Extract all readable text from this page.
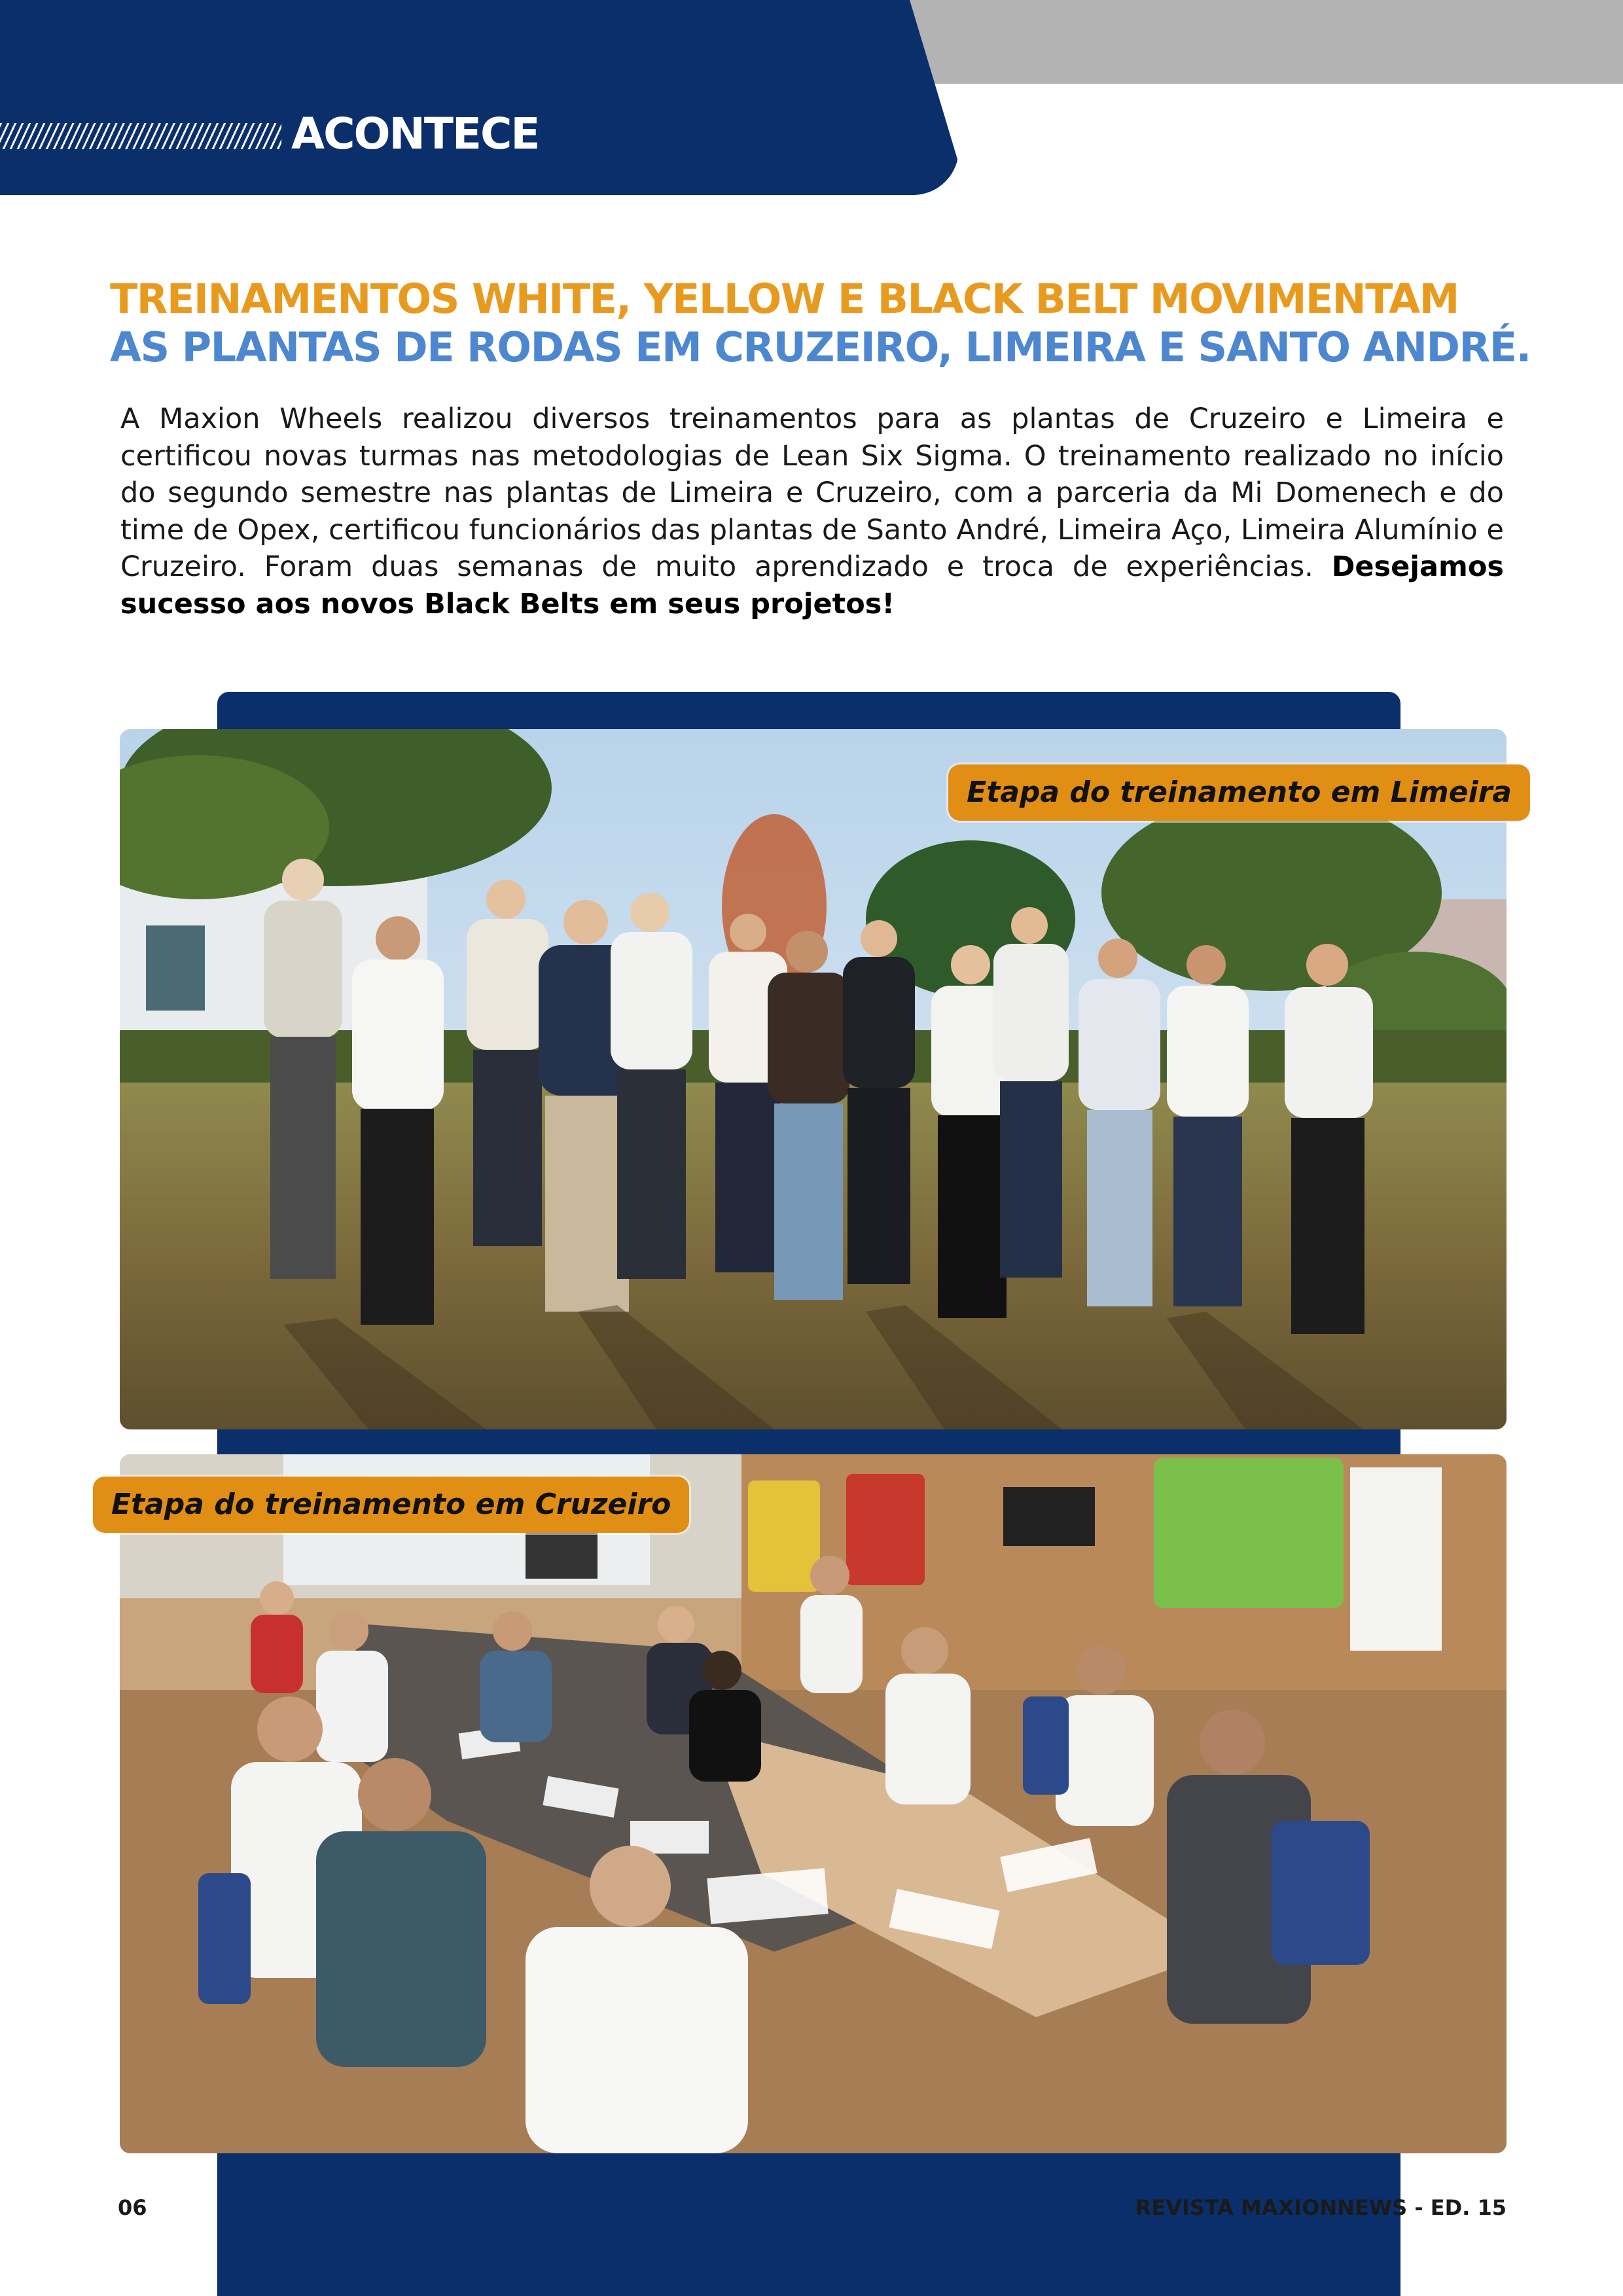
ACONTECE
TREINAMENTOS WHITE, YELLOW E BLACK BELT MOVIMENTAM
AS PLANTAS DE RODAS EM CRUZEIRO, LIMEIRA E SANTO ANDRÉ.

A Maxion Wheels realizou diversos treinamentos para as plantas de Cruzeiro e Limeira e certificou novas turmas nas metodologias de Lean Six Sigma. O treinamento realizado no início do segundo semestre nas plantas de Limeira e Cruzeiro, com a parceria da Mi Domenech e do time de Opex, certificou funcionários das plantas de Santo André, Limeira Aço, Limeira Alumínio e Cruzeiro. Foram duas semanas de muito aprendizado e troca de experiências. Desejamos sucesso aos novos Black Belts em seus projetos!

Etapa do treinamento em Limeira
Etapa do treinamento em Cruzeiro
06	REVISTA MAXIONNEWS - ED. 15
